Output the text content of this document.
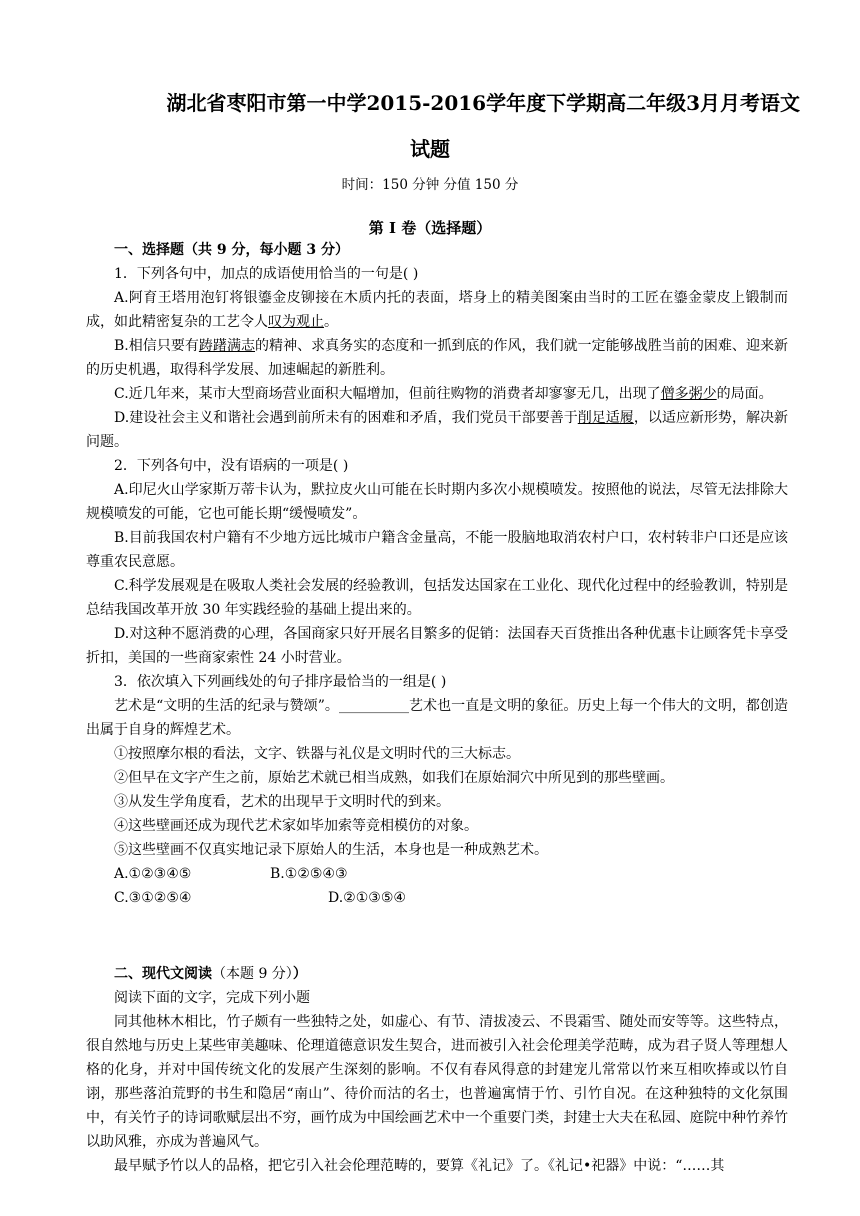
湖北省枣阳市第一中学2015-2016学年度下学期高二年级3月月考语文
试题
时间：150 分钟 分值 150 分
第 I 卷（选择题）
一、选择题（共 9 分，每小题 3 分）
1．下列各句中，加点的成语使用恰当的一句是( )
A.阿育王塔用泡钉将银鎏金皮铆接在木质内托的表面，塔身上的精美图案由当时的工匠在鎏金蒙皮上锻制而成，如此精密复杂的工艺令人叹为观止。
B.相信只要有踌躇满志的精神、求真务实的态度和一抓到底的作风，我们就一定能够战胜当前的困难、迎来新的历史机遇，取得科学发展、加速崛起的新胜利。
C.近几年来，某市大型商场营业面积大幅增加，但前往购物的消费者却寥寥无几，出现了僧多粥少的局面。
D.建设社会主义和谐社会遇到前所未有的困难和矛盾，我们党员干部要善于削足适履，以适应新形势，解决新问题。
2．下列各句中，没有语病的一项是( )
A.印尼火山学家斯万蒂卡认为，默拉皮火山可能在长时期内多次小规模喷发。按照他的说法，尽管无法排除大规模喷发的可能，它也可能长期“缓慢喷发”。
B.目前我国农村户籍有不少地方远比城市户籍含金量高，不能一股脑地取消农村户口，农村转非户口还是应该尊重农民意愿。
C.科学发展观是在吸取人类社会发展的经验教训，包括发达国家在工业化、现代化过程中的经验教训，特别是总结我国改革开放 30 年实践经验的基础上提出来的。
D.对这种不愿消费的心理，各国商家只好开展名目繁多的促销：法国春天百货推出各种优惠卡让顾客凭卡享受折扣，美国的一些商家索性 24 小时营业。
3．依次填入下列画线处的句子排序最恰当的一组是( )
艺术是“文明的生活的纪录与赞颂”。__________艺术也一直是文明的象征。历史上每一个伟大的文明，都创造出属于自身的辉煌艺术。
①按照摩尔根的看法，文字、铁器与礼仪是文明时代的三大标志。
②但早在文字产生之前，原始艺术就已相当成熟，如我们在原始洞穴中所见到的那些壁画。
③从发生学角度看，艺术的出现早于文明时代的到来。
④这些壁画还成为现代艺术家如毕加索等竞相模仿的对象。
⑤这些壁画不仅真实地记录下原始人的生活，本身也是一种成熟艺术。
A.①②③④⑤	B.①②⑤④③
C.③①②⑤④	D.②①③⑤④
二、现代文阅读（本题 9 分））
阅读下面的文字，完成下列小题
同其他林木相比，竹子颇有一些独特之处，如虚心、有节、清拔凌云、不畏霜雪、随处而安等等。这些特点，很自然地与历史上某些审美趣味、伦理道德意识发生契合，进而被引入社会伦理美学范畴，成为君子贤人等理想人格的化身，并对中国传统文化的发展产生深刻的影响。不仅有春风得意的封建宠儿常常以竹来互相吹捧或以竹自诩，那些落泊荒野的书生和隐居“南山”、待价而沽的名士，也普遍寓情于竹、引竹自况。在这种独特的文化氛围中，有关竹子的诗词歌赋层出不穷，画竹成为中国绘画艺术中一个重要门类，封建士大夫在私园、庭院中种竹养竹以助风雅，亦成为普遍风气。
最早赋予竹以人的品格，把它引入社会伦理范畴的，要算《礼记》了。《礼记•祀器》中说：“……其
